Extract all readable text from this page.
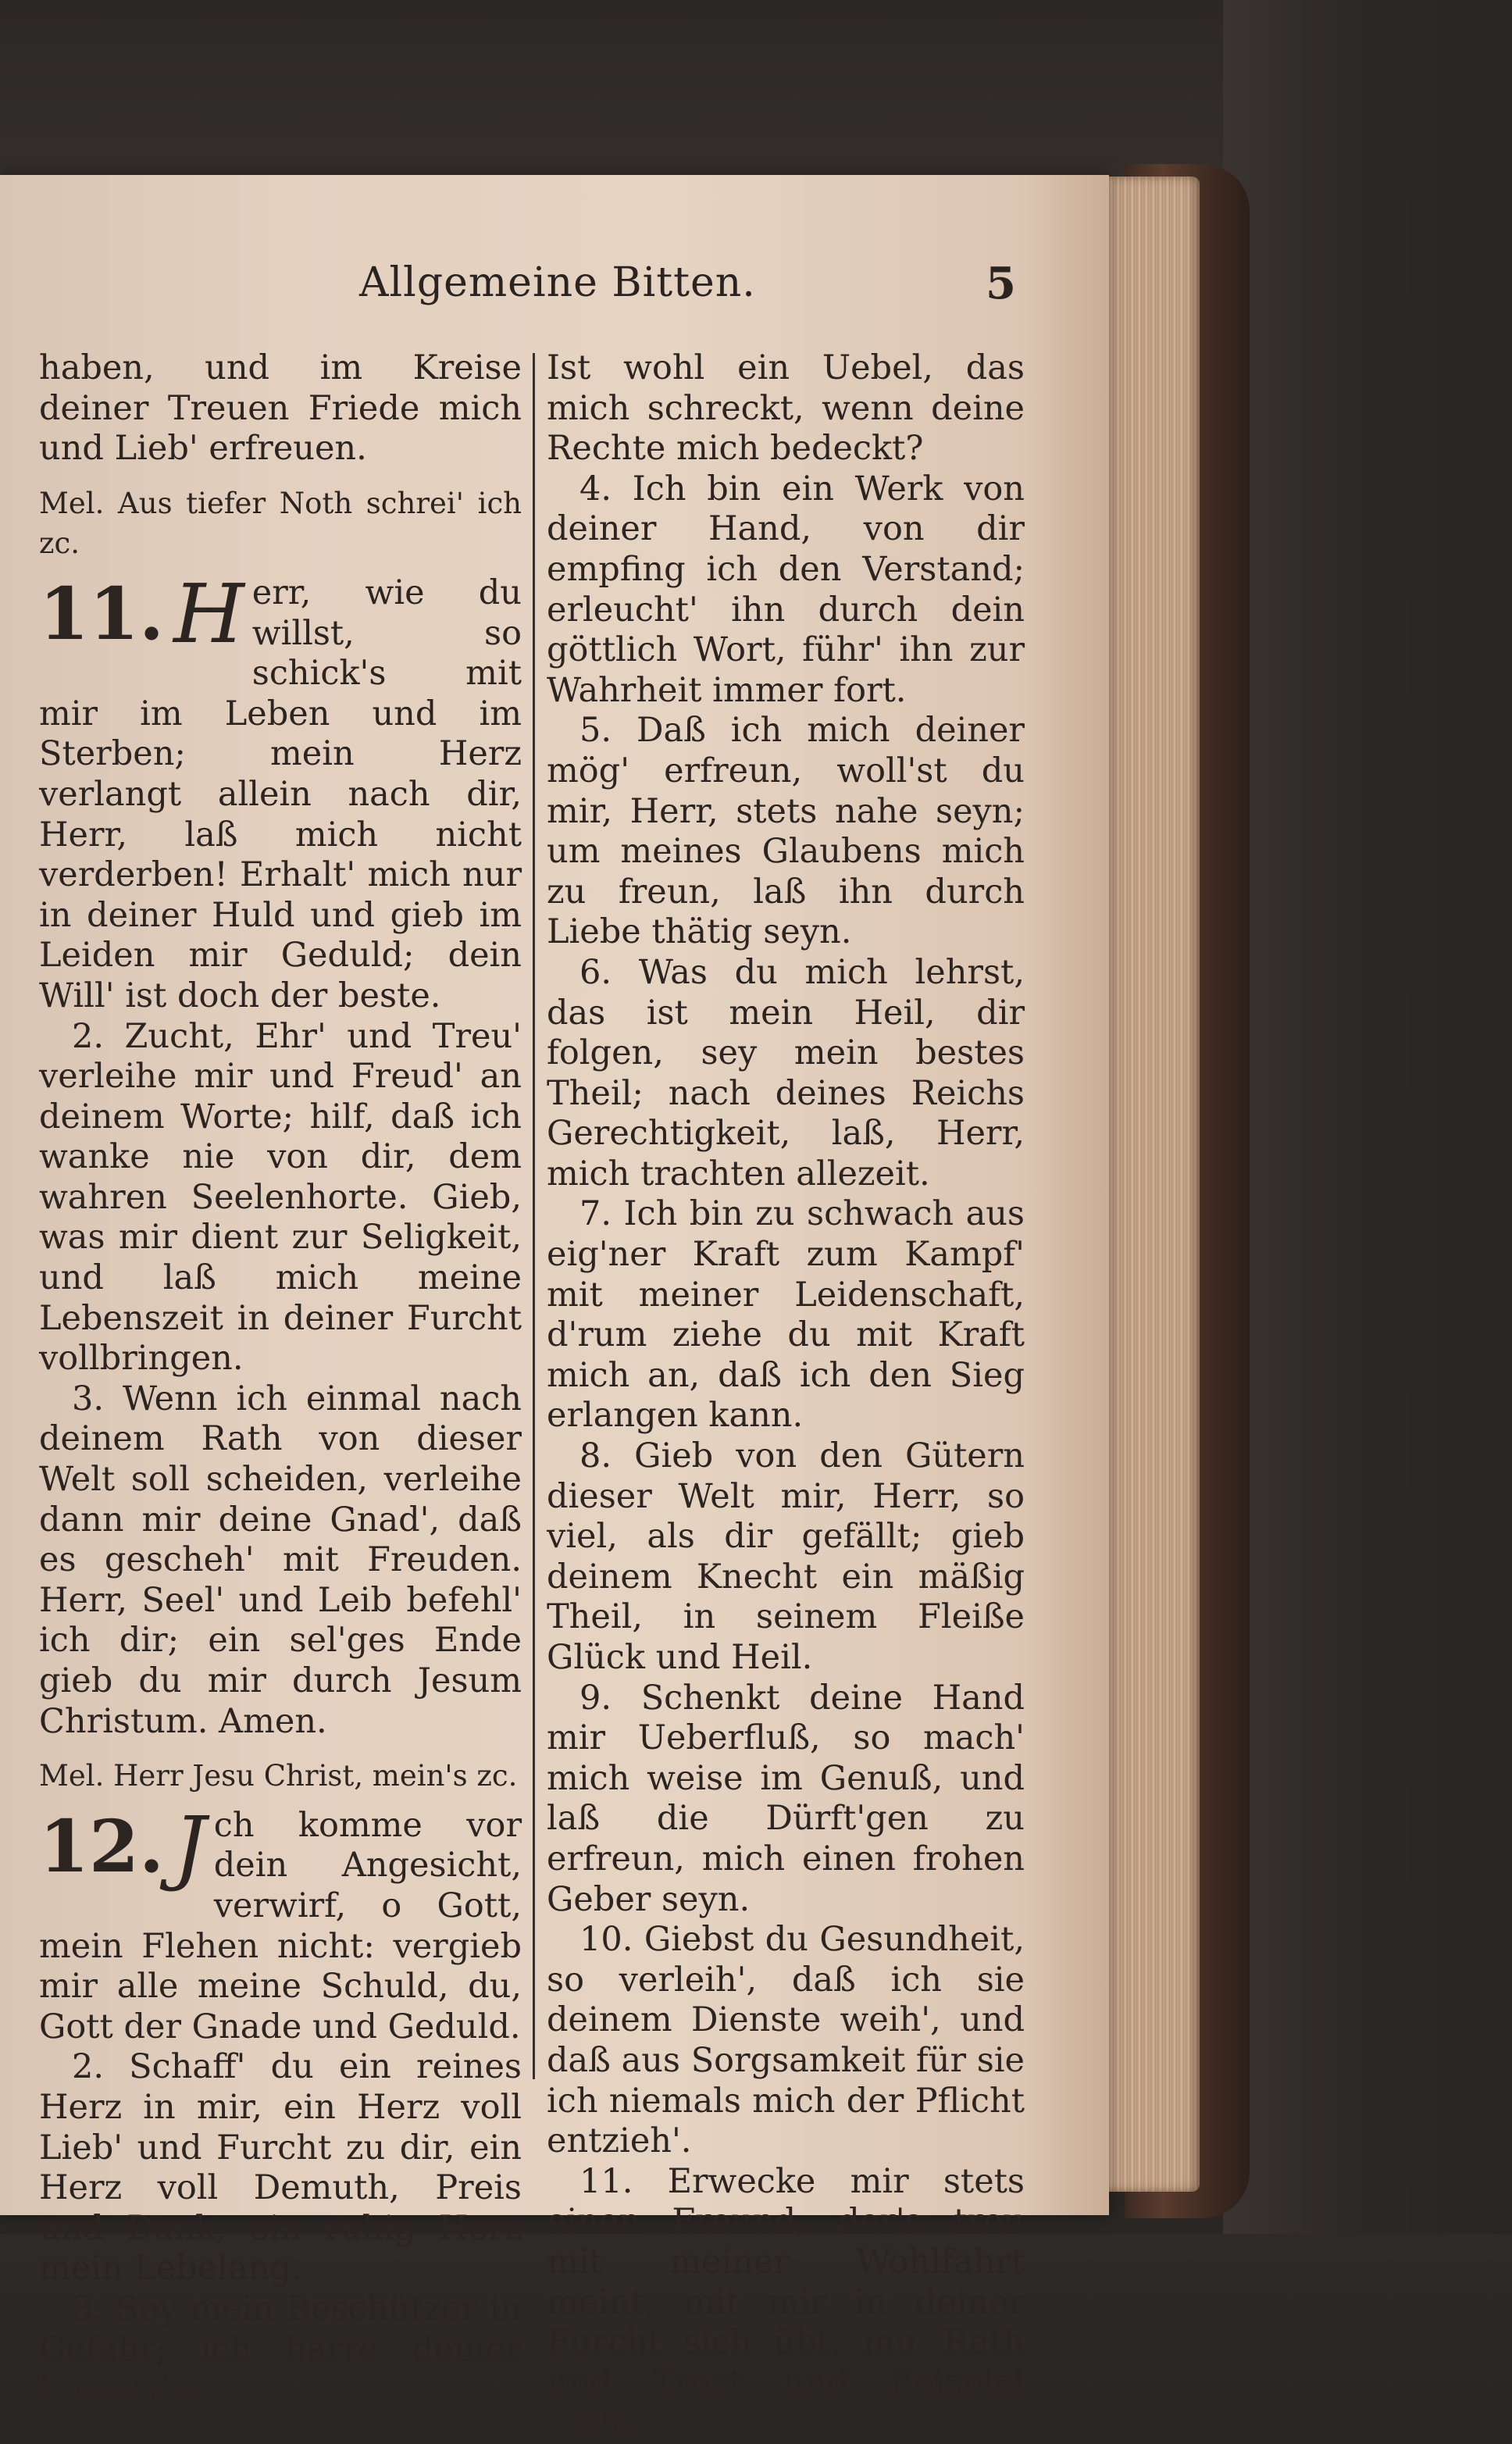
Allgemeine Bitten.	5

haben, und im Kreise deiner Treuen Friede mich und Lieb' erfreuen.

Mel. Aus tiefer Noth schrei' ich zc.

11. H err, wie du willst, so schick's mit mir im Leben und im Sterben; mein Herz verlangt allein nach dir, Herr, laß mich nicht verderben! Erhalt' mich nur in deiner Huld und gieb im Leiden mir Geduld; dein Will' ist doch der beste.

2. Zucht, Ehr' und Treu' verleihe mir und Freud' an deinem Worte; hilf, daß ich wanke nie von dir, dem wahren Seelenhorte. Gieb, was mir dient zur Seligkeit, und laß mich meine Lebenszeit in deiner Furcht vollbringen.

3. Wenn ich einmal nach deinem Rath von dieser Welt soll scheiden, verleihe dann mir deine Gnad', daß es gescheh' mit Freuden. Herr, Seel' und Leib befehl' ich dir; ein sel'ges Ende gieb du mir durch Jesum Christum. Amen.

Mel. Herr Jesu Christ, mein's zc.

12. J ch komme vor dein Angesicht, verwirf, o Gott, mein Flehen nicht: vergieb mir alle meine Schuld, du, Gott der Gnade und Geduld.

2. Schaff' du ein reines Herz in mir, ein Herz voll Lieb' und Furcht zu dir, ein Herz voll Demuth, Preis und Dank, ein ruhig Herz mein Lebelang.

3. Sey mein Beschützer in Gefahr; ich harre deiner immerdar.

Ist wohl ein Uebel, das mich schreckt, wenn deine Rechte mich bedeckt?

4. Ich bin ein Werk von deiner Hand, von dir empfing ich den Verstand; erleucht' ihn durch dein göttlich Wort, führ' ihn zur Wahrheit immer fort.

5. Daß ich mich deiner mög' erfreun, woll'st du mir, Herr, stets nahe seyn; um meines Glaubens mich zu freun, laß ihn durch Liebe thätig seyn.

6. Was du mich lehrst, das ist mein Heil, dir folgen, sey mein bestes Theil; nach deines Reichs Gerechtigkeit, laß, Herr, mich trachten allezeit.

7. Ich bin zu schwach aus eig'ner Kraft zum Kampf' mit meiner Leidenschaft, d'rum ziehe du mit Kraft mich an, daß ich den Sieg erlangen kann.

8. Gieb von den Gütern dieser Welt mir, Herr, so viel, als dir gefällt; gieb deinem Knecht ein mäßig Theil, in seinem Fleiße Glück und Heil.

9. Schenkt deine Hand mir Ueberfluß, so mach' mich weise im Genuß, und laß die Dürft'gen zu erfreun, mich einen frohen Geber seyn.

10. Giebst du Gesundheit, so verleih', daß ich sie deinem Dienste weih', und daß aus Sorgsamkeit für sie ich niemals mich der Pflicht entzieh'.

11. Erwecke mir stets einen Freund, der's treu mit meiner Wohlfahrt meint, mit mir in deiner Furcht sich übt, mir Rath und Trost und Beispiel giebt.
